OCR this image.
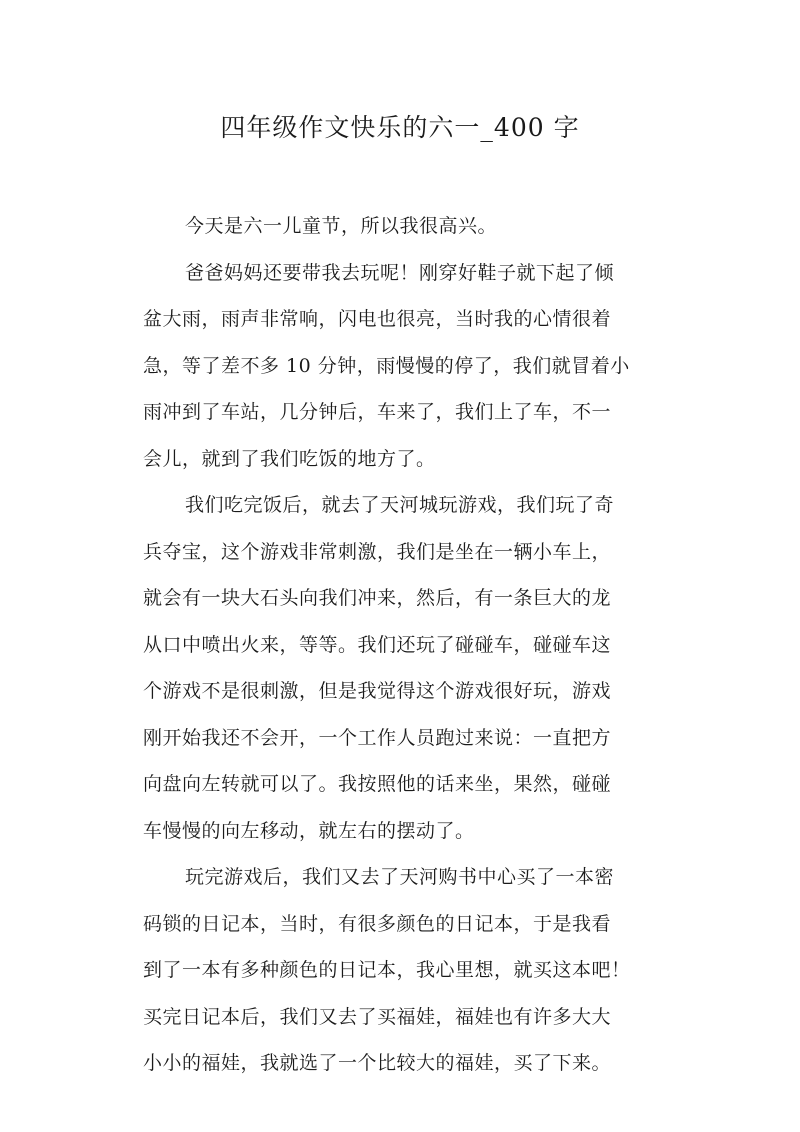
四年级作文快乐的六一_400 字
今天是六一儿童节，所以我很高兴。
爸爸妈妈还要带我去玩呢！刚穿好鞋子就下起了倾
盆大雨，雨声非常响，闪电也很亮，当时我的心情很着
急，等了差不多 10 分钟，雨慢慢的停了，我们就冒着小
雨冲到了车站，几分钟后，车来了，我们上了车，不一
会儿，就到了我们吃饭的地方了。
我们吃完饭后，就去了天河城玩游戏，我们玩了奇
兵夺宝，这个游戏非常刺激，我们是坐在一辆小车上，
就会有一块大石头向我们冲来，然后，有一条巨大的龙
从口中喷出火来，等等。我们还玩了碰碰车，碰碰车这
个游戏不是很刺激，但是我觉得这个游戏很好玩，游戏
刚开始我还不会开，一个工作人员跑过来说：一直把方
向盘向左转就可以了。我按照他的话来坐，果然，碰碰
车慢慢的向左移动，就左右的摆动了。
玩完游戏后，我们又去了天河购书中心买了一本密
码锁的日记本，当时，有很多颜色的日记本，于是我看
到了一本有多种颜色的日记本，我心里想，就买这本吧！
买完日记本后，我们又去了买福娃，福娃也有许多大大
小小的福娃，我就选了一个比较大的福娃，买了下来。
